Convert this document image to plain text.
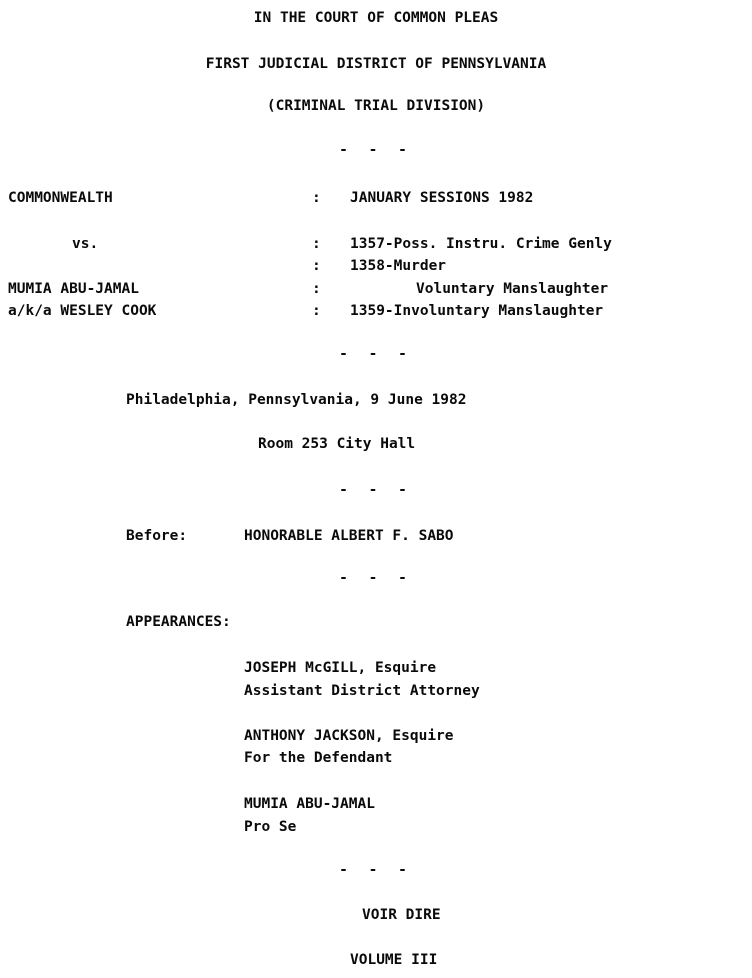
IN THE COURT OF COMMON PLEAS
FIRST JUDICIAL DISTRICT OF PENNSYLVANIA
(CRIMINAL TRIAL DIVISION)
- - -
COMMONWEALTH	: JANUARY SESSIONS 1982
vs.	: 1357-Poss. Instru. Crime Genly
: 1358-Murder
MUMIA ABU-JAMAL	:	Voluntary Manslaughter
a/k/a WESLEY COOK	: 1359-Involuntary Manslaughter
- - -
Philadelphia, Pennsylvania, 9 June 1982
Room 253 City Hall
- - -
Before:	HONORABLE ALBERT F. SABO
- - -
APPEARANCES:
JOSEPH McGILL, Esquire
Assistant District Attorney
ANTHONY JACKSON, Esquire
For the Defendant
MUMIA ABU-JAMAL
Pro Se
- - -
VOIR DIRE
VOLUME III
